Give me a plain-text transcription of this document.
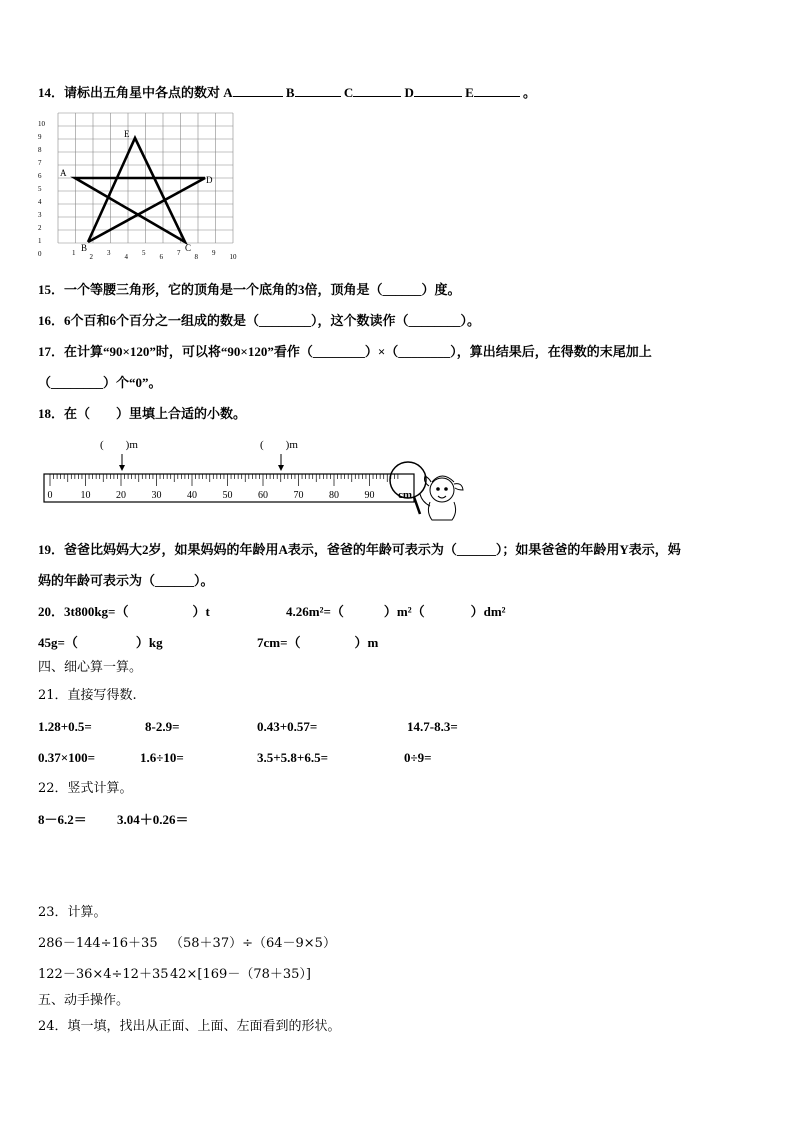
14．请标出五角星中各点的数对 A	B	C	D	E	。
0
1
2
3
4
5
6
7
8
9
10
1 2 3 4 5 6 7 8 9 10
A
B	C
D
E
15．一个等腰三角形，它的顶角是一个底角的3倍，顶角是（______）度。
16．6个百和6个百分之一组成的数是（________），这个数读作（________）。
17．在计算“90×120”时，可以将“90×120”看作（________）×（________），算出结果后，在得数的末尾加上
（________）个“0”。
18．在（　　）里填上合适的小数。
(        )m	(        )m
0	10	20	30	40	50	60	70	80	90 cm
19．爸爸比妈妈大2岁，如果妈妈的年龄用A表示，爸爸的年龄可表示为（______）；如果爸爸的年龄用Y表示，妈
妈的年龄可表示为（______）。
20．3t800kg=（	）t	4.26m²=（	）m²（	）dm²
45g=（	）kg	7cm=（	）m
四、细心算一算。
21．直接写得数.
1.28+0.5=	8-2.9=	0.43+0.57=	14.7-8.3=
0.37×100=	1.6÷10=	3.5+5.8+6.5=	0÷9=
22．竖式计算。
8－6.2＝ 3.04＋0.26＝
23．计算。
286－144÷16＋35 （58＋37）÷（64－9×5）
122－36×4÷12＋35 42×[169－（78＋35）]
五、动手操作。
24．填一填，找出从正面、上面、左面看到的形状。
